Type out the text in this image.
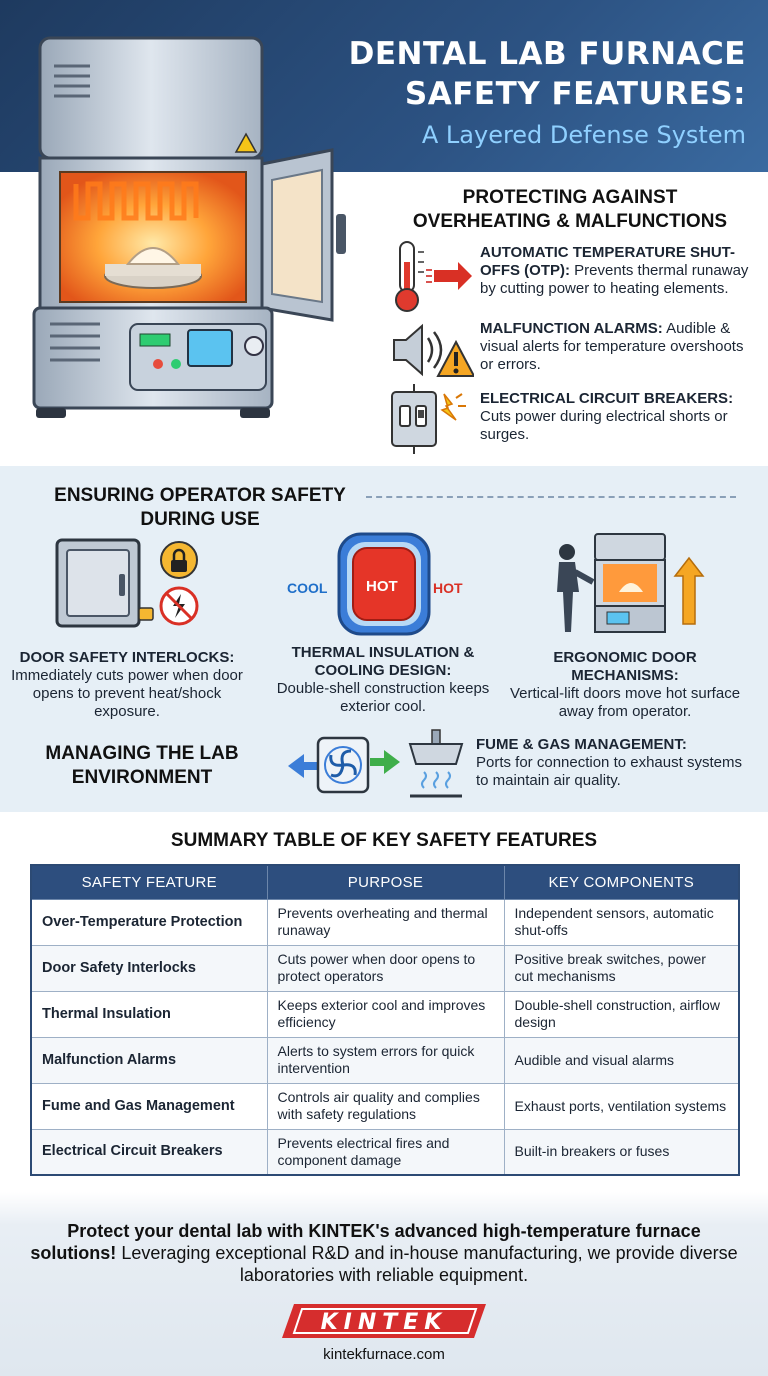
DENTAL LAB FURNACE
SAFETY FEATURES:
A Layered Defense System
PROTECTING AGAINST
OVERHEATING & MALFUNCTIONS
AUTOMATIC TEMPERATURE SHUT-OFFS (OTP): Prevents thermal runaway by cutting power to heating elements.
MALFUNCTION ALARMS: Audible & visual alerts for temperature overshoots or errors.
ELECTRICAL CIRCUIT BREAKERS: Cuts power during electrical shorts or surges.
ENSURING OPERATOR SAFETY
DURING USE
DOOR SAFETY INTERLOCKS:
Immediately cuts power when door opens to prevent heat/shock exposure.
COOL	HOT	HOT
THERMAL INSULATION & COOLING DESIGN:
Double-shell construction keeps exterior cool.
ERGONOMIC DOOR MECHANISMS:
Vertical-lift doors move hot surface away from operator.
MANAGING THE LAB
ENVIRONMENT
FUME & GAS MANAGEMENT:
Ports for connection to exhaust systems to maintain air quality.
SUMMARY TABLE OF KEY SAFETY FEATURES
SAFETY FEATURE	PURPOSE	KEY COMPONENTS
Over-Temperature Protection	Prevents overheating and thermal runaway	Independent sensors, automatic shut-offs
Door Safety Interlocks	Cuts power when door opens to protect operators	Positive break switches, power cut mechanisms
Thermal Insulation	Keeps exterior cool and improves efficiency	Double-shell construction, airflow design
Malfunction Alarms	Alerts to system errors for quick intervention	Audible and visual alarms
Fume and Gas Management	Controls air quality and complies with safety regulations	Exhaust ports, ventilation systems
Electrical Circuit Breakers	Prevents electrical fires and component damage	Built-in breakers or fuses
Protect your dental lab with KINTEK's advanced high-temperature furnace solutions! Leveraging exceptional R&D and in-house manufacturing, we provide diverse laboratories with reliable equipment.
KINTEK
kintekfurnace.com
